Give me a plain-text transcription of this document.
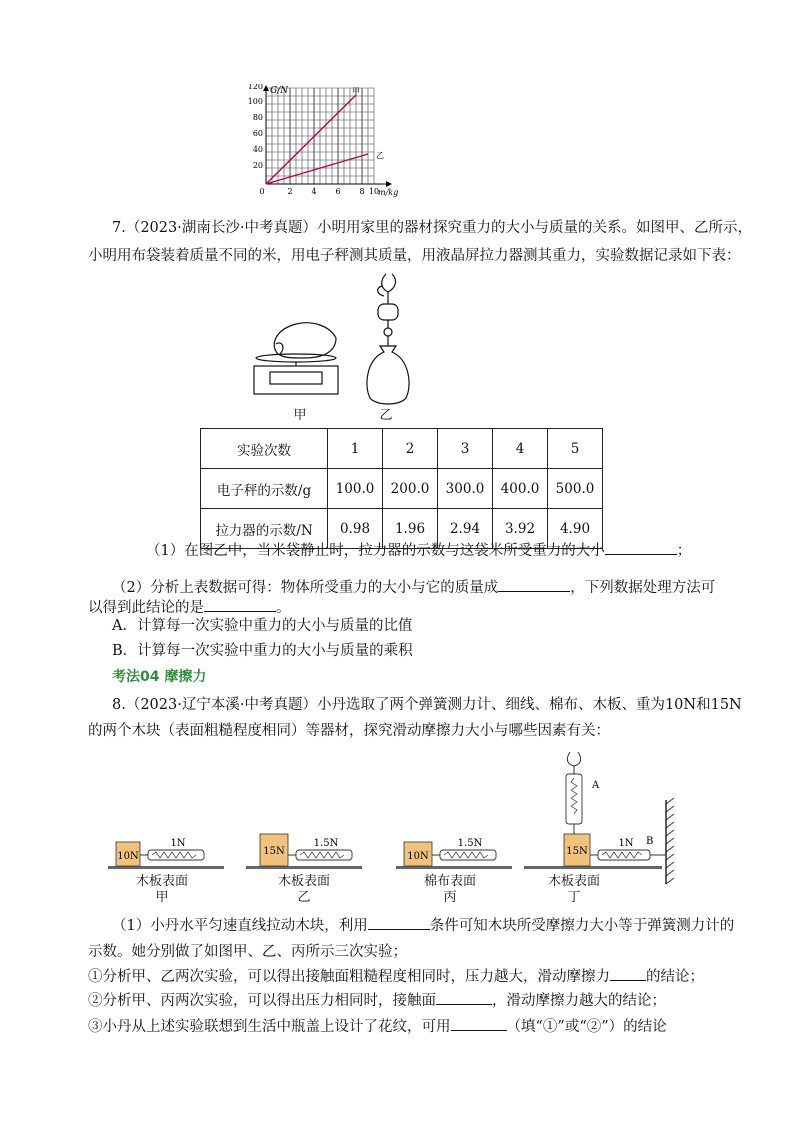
G/N
m/kg
20
40
60
80
100
120
0	2 4 6 8 10
甲
乙
7.（2023·湖南长沙·中考真题）小明用家里的器材探究重力的大小与质量的关系。如图甲、乙所示，
小明用布袋装着质量不同的米，用电子秤测其质量，用液晶屏拉力器测其重力，实验数据记录如下表：
甲	乙
实验次数	1	2	3	4	5
电子秤的示数/g	100.0	200.0	300.0	400.0	500.0
拉力器的示数/N	0.98	1.96	2.94	3.92	4.90
（1）在图乙中，当米袋静止时，拉力器的示数与这袋米所受重力的大小	；
（2）分析上表数据可得：物体所受重力的大小与它的质量成	，下列数据处理方法可
以得到此结论的是	。
A．计算每一次实验中重力的大小与质量的比值
B．计算每一次实验中重力的大小与质量的乘积
考法04 摩擦力
8.（2023·辽宁本溪·中考真题）小丹选取了两个弹簧测力计、细线、棉布、木板、重为10N和15N
的两个木块（表面粗糙程度相同）等器材，探究滑动摩擦力大小与哪些因素有关：
10N
1N
15N
1.5N
10N
1.5N
A
15N
1N B
木板表面
甲
木板表面
乙
棉布表面
丙
木板表面
丁
（1）小丹水平匀速直线拉动木块，利用	条件可知木块所受摩擦力大小等于弹簧测力计的
示数。她分别做了如图甲、乙、丙所示三次实验；
①分析甲、乙两次实验，可以得出接触面粗糙程度相同时，压力越大，滑动摩擦力 的结论；
②分析甲、丙两次实验，可以得出压力相同时，接触面	，滑动摩擦力越大的结论；
③小丹从上述实验联想到生活中瓶盖上设计了花纹，可用	（填“①”或“②”）的结论
